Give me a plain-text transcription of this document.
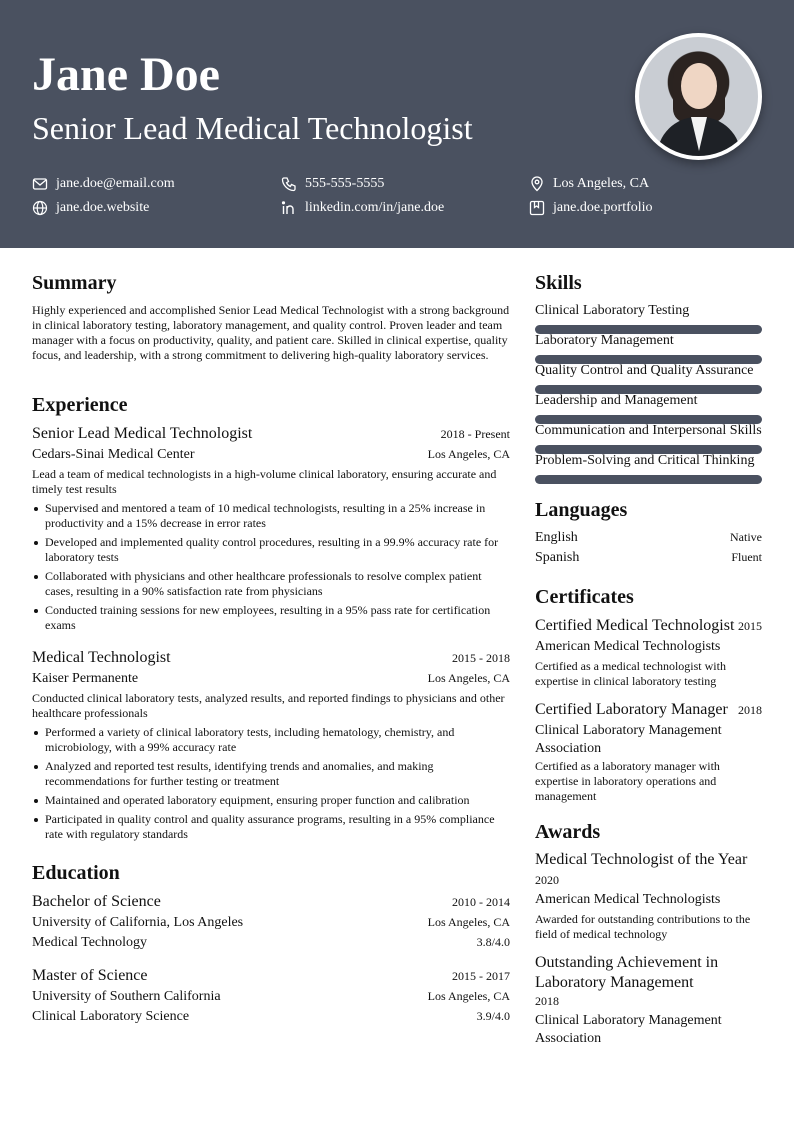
Jane Doe
Senior Lead Medical Technologist
jane.doe@email.com	555-555-5555	Los Angeles, CA
jane.doe.website	linkedin.com/in/jane.doe	jane.doe.portfolio
Summary
Highly experienced and accomplished Senior Lead Medical Technologist with a strong background in clinical laboratory testing, laboratory management, and quality control. Proven leader and team manager with a focus on productivity, quality, and patient care. Skilled in clinical expertise, quality focus, and leadership, with a strong commitment to delivering high-quality laboratory services.
Experience
Senior Lead Medical Technologist	2018 - Present
Cedars-Sinai Medical Center	Los Angeles, CA
Lead a team of medical technologists in a high-volume clinical laboratory, ensuring accurate and timely test results
Supervised and mentored a team of 10 medical technologists, resulting in a 25% increase in productivity and a 15% decrease in error rates
Developed and implemented quality control procedures, resulting in a 99.9% accuracy rate for laboratory tests
Collaborated with physicians and other healthcare professionals to resolve complex patient cases, resulting in a 90% satisfaction rate from physicians
Conducted training sessions for new employees, resulting in a 95% pass rate for certification exams
Medical Technologist	2015 - 2018
Kaiser Permanente	Los Angeles, CA
Conducted clinical laboratory tests, analyzed results, and reported findings to physicians and other healthcare professionals
Performed a variety of clinical laboratory tests, including hematology, chemistry, and microbiology, with a 99% accuracy rate
Analyzed and reported test results, identifying trends and anomalies, and making recommendations for further testing or treatment
Maintained and operated laboratory equipment, ensuring proper function and calibration
Participated in quality control and quality assurance programs, resulting in a 95% compliance rate with regulatory standards
Education
Bachelor of Science	2010 - 2014
University of California, Los Angeles	Los Angeles, CA
Medical Technology	3.8/4.0
Master of Science	2015 - 2017
University of Southern California	Los Angeles, CA
Clinical Laboratory Science	3.9/4.0
Skills
Clinical Laboratory Testing
Laboratory Management
Quality Control and Quality Assurance
Leadership and Management
Communication and Interpersonal Skills
Problem-Solving and Critical Thinking
Languages
English	Native
Spanish	Fluent
Certificates
Certified Medical Technologist 2015
American Medical Technologists
Certified as a medical technologist with expertise in clinical laboratory testing
Certified Laboratory Manager 2018
Clinical Laboratory Management Association
Certified as a laboratory manager with expertise in laboratory operations and management
Awards
Medical Technologist of the Year
2020
American Medical Technologists
Awarded for outstanding contributions to the field of medical technology
Outstanding Achievement in Laboratory Management
2018
Clinical Laboratory Management Association
